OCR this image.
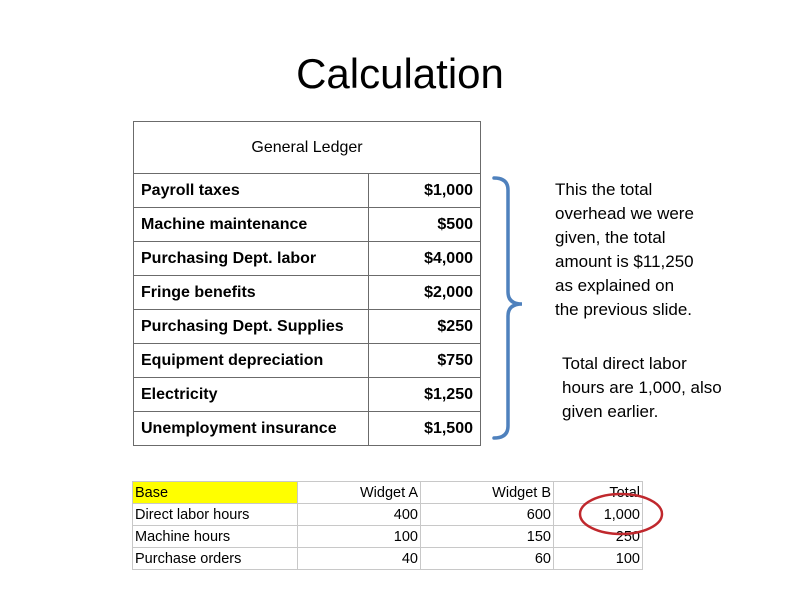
Calculation
General Ledger	
Payroll taxes	$1,000
Machine maintenance	$500
Purchasing Dept. labor	$4,000
Fringe benefits	$2,000
Purchasing Dept. Supplies	$250
Equipment depreciation	$750
Electricity	$1,250
Unemployment insurance	$1,500
This the total
overhead we were
given, the total
amount is $11,250
as explained on
the previous slide.
Total direct labor
hours are 1,000, also
given earlier.
Base	Widget A	Widget B	Total
Direct labor hours	400	600	1,000
Machine hours	100	150	250
Purchase orders	40	60	100
